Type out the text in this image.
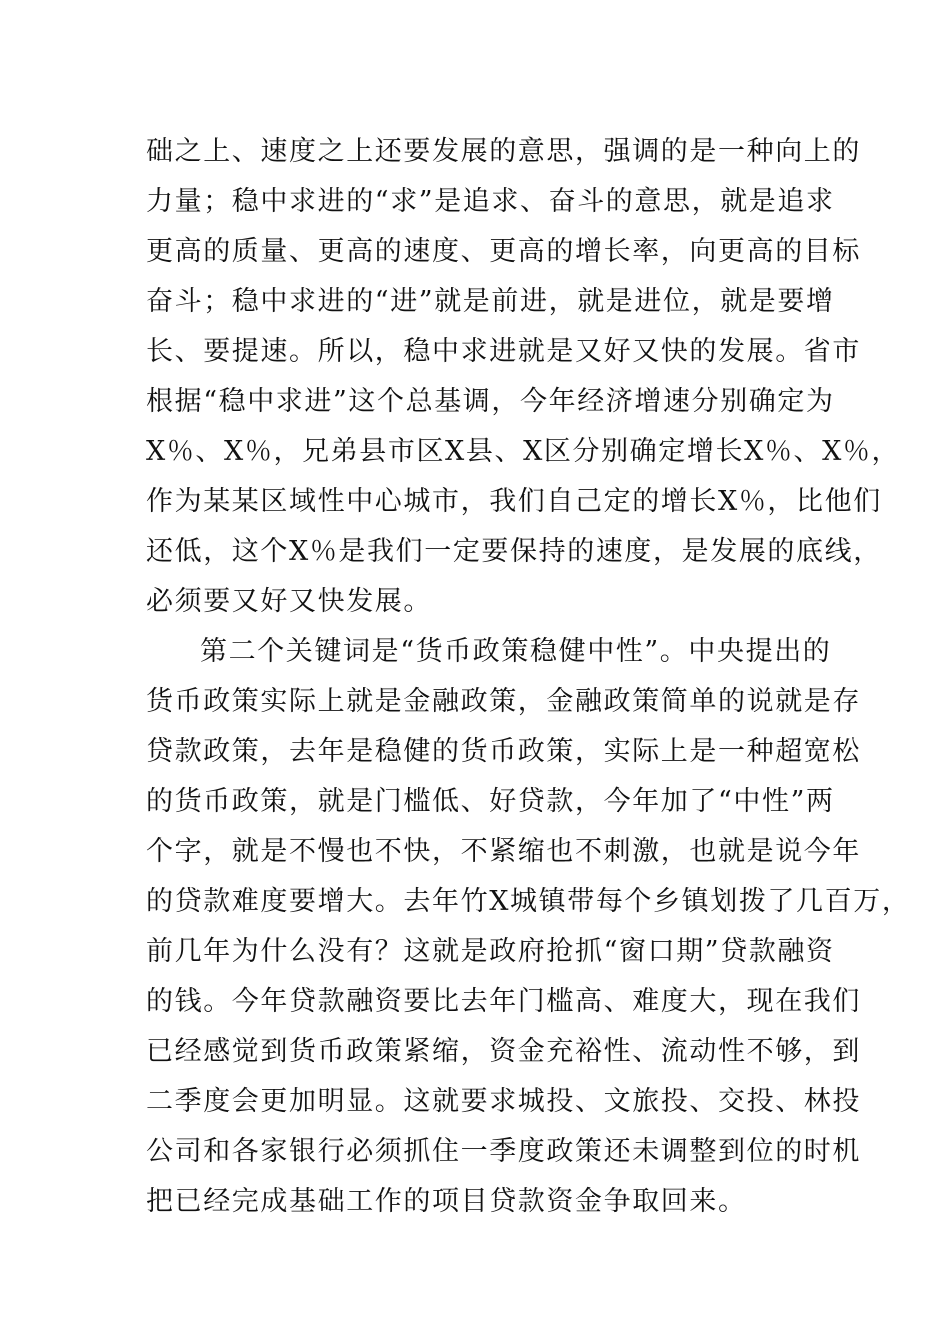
础之上、速度之上还要发展的意思，强调的是一种向上的
力量；稳中求进的“求”是追求、奋斗的意思，就是追求
更高的质量、更高的速度、更高的增长率，向更高的目标
奋斗；稳中求进的“进”就是前进，就是进位，就是要增
长、要提速。所以，稳中求进就是又好又快的发展。省市
根据“稳中求进”这个总基调，今年经济增速分别确定为
X％、X％，兄弟县市区X县、X区分别确定增长X％、X％，
作为某某区域性中心城市，我们自己定的增长X％，比他们
还低，这个X％是我们一定要保持的速度，是发展的底线，
必须要又好又快发展。
第二个关键词是“货币政策稳健中性”。中央提出的
货币政策实际上就是金融政策，金融政策简单的说就是存
贷款政策，去年是稳健的货币政策，实际上是一种超宽松
的货币政策，就是门槛低、好贷款，今年加了“中性”两
个字，就是不慢也不快，不紧缩也不刺激，也就是说今年
的贷款难度要增大。去年竹X城镇带每个乡镇划拨了几百万，
前几年为什么没有？这就是政府抢抓“窗口期”贷款融资
的钱。今年贷款融资要比去年门槛高、难度大，现在我们
已经感觉到货币政策紧缩，资金充裕性、流动性不够，到
二季度会更加明显。这就要求城投、文旅投、交投、林投
公司和各家银行必须抓住一季度政策还未调整到位的时机
把已经完成基础工作的项目贷款资金争取回来。
